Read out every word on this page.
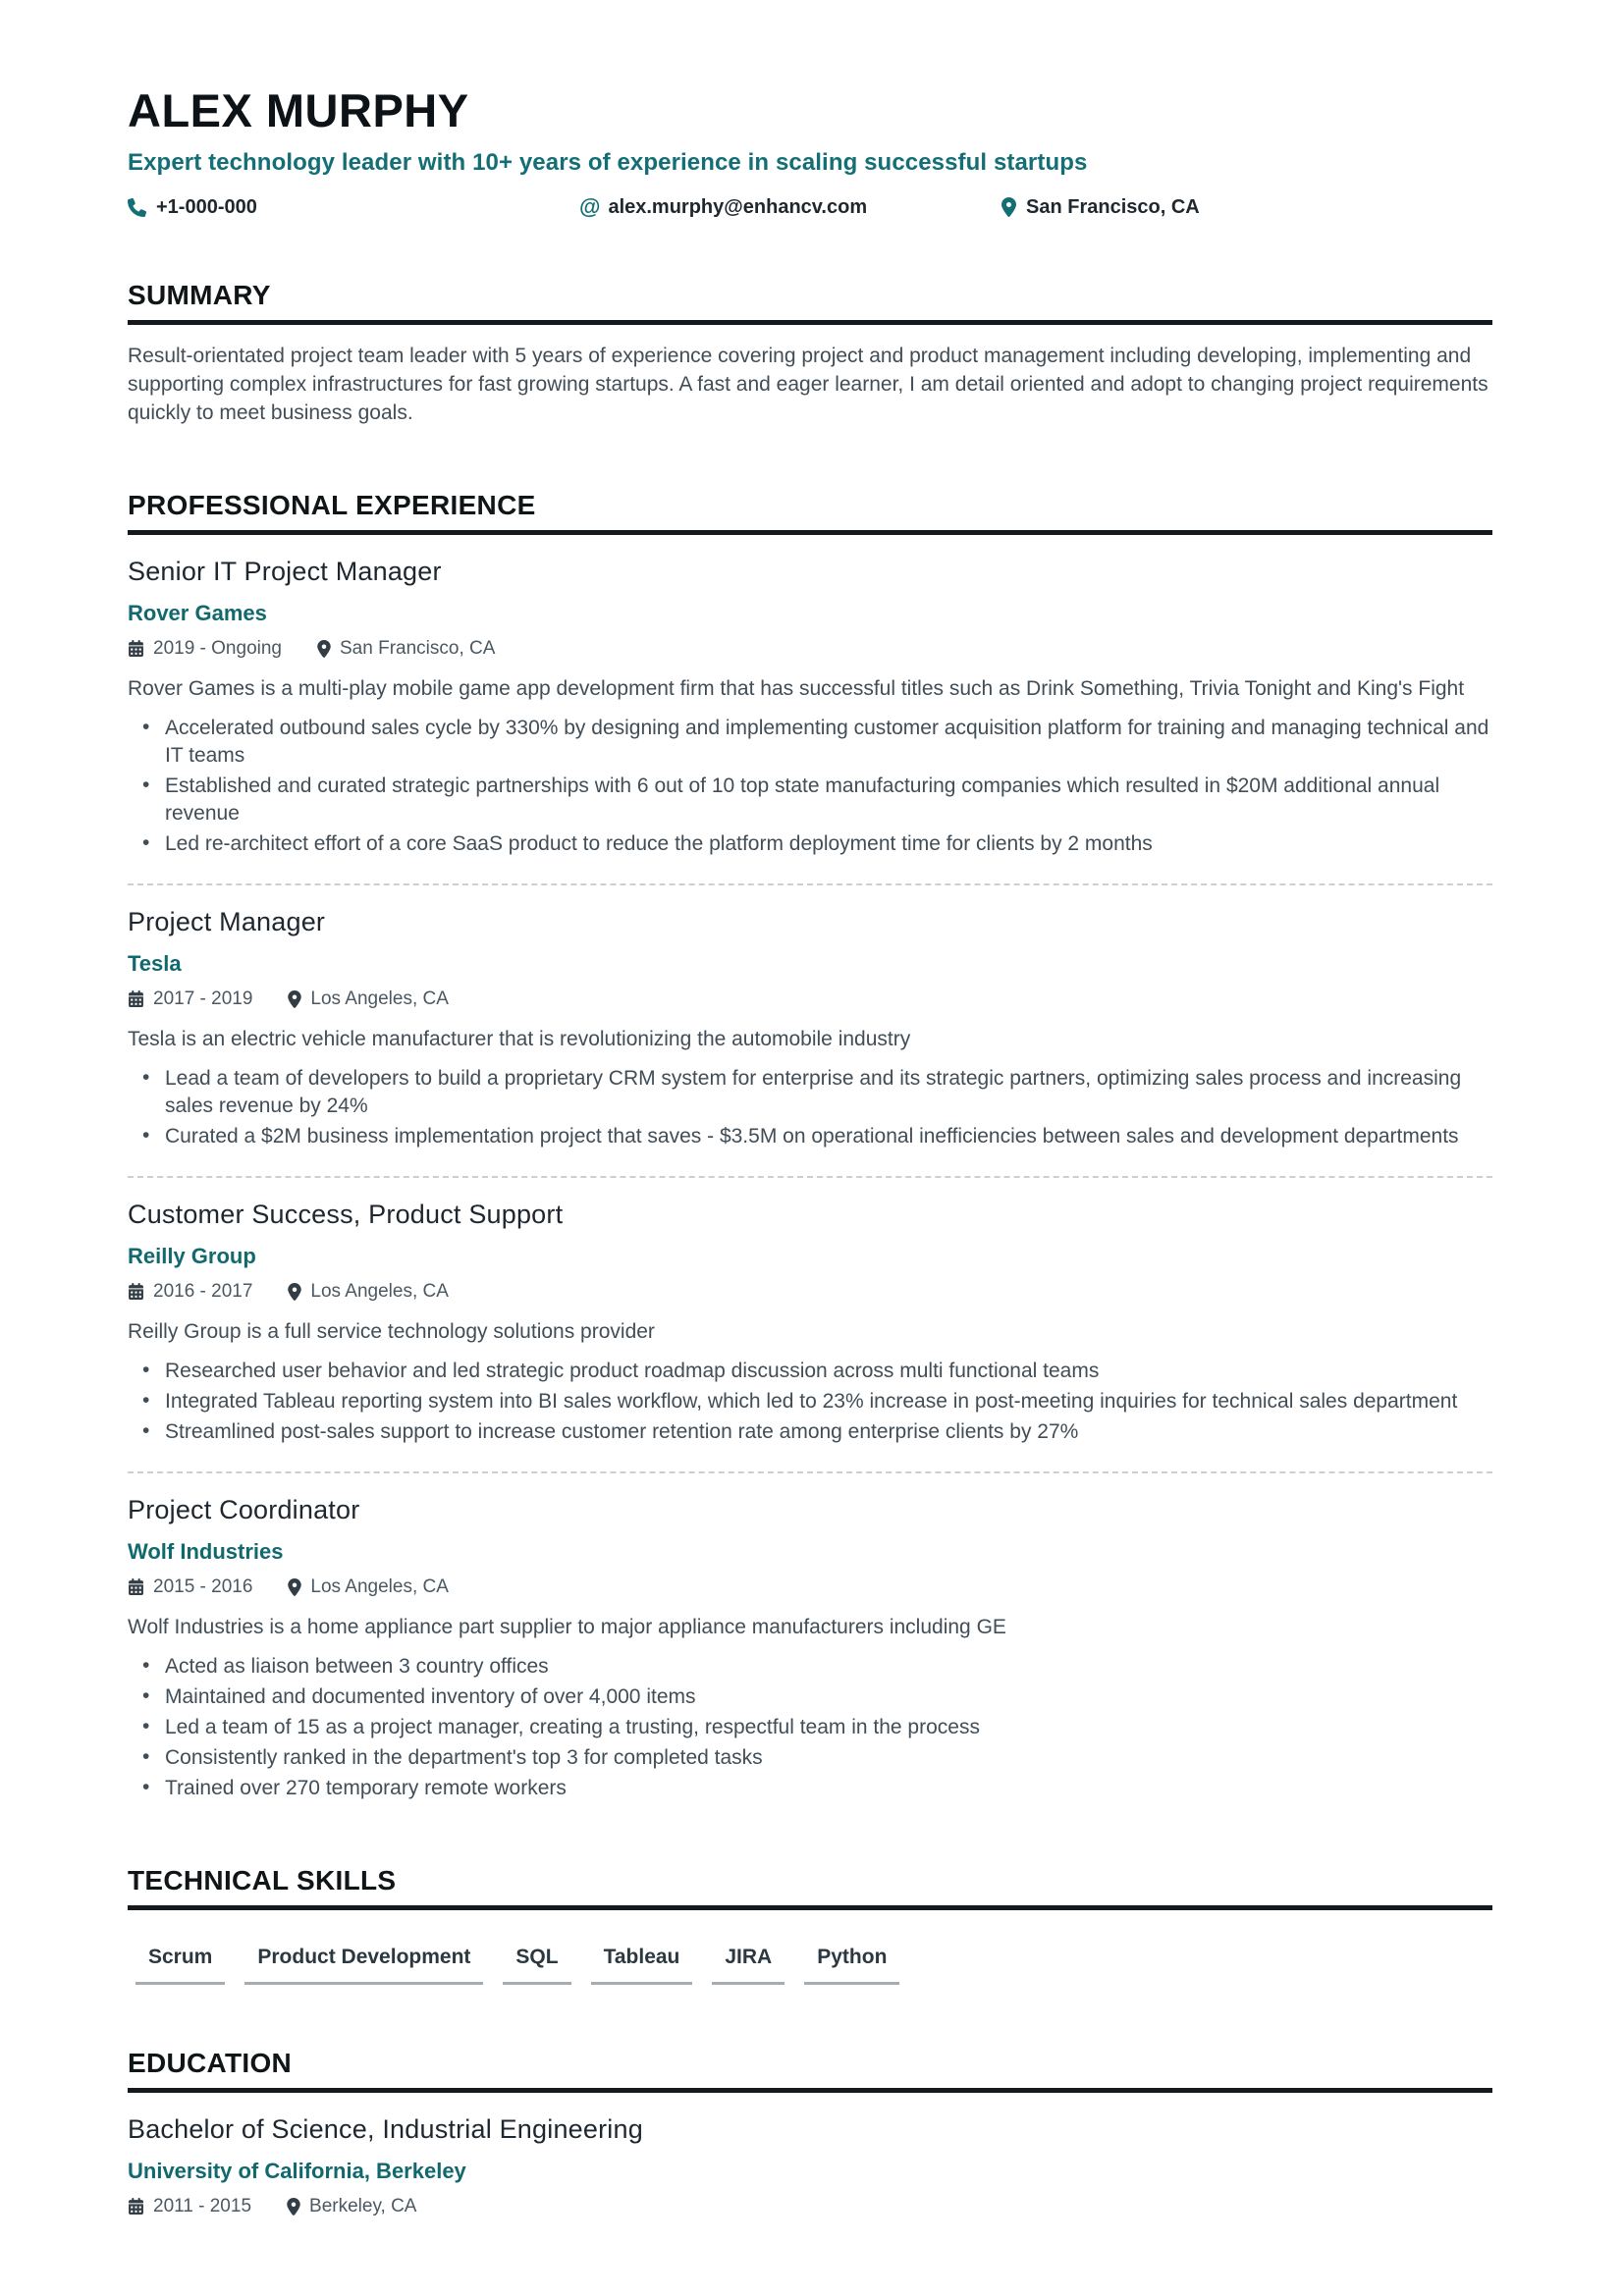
ALEX MURPHY
Expert technology leader with 10+ years of experience in scaling successful startups
+1-000-000	@ alex.murphy@enhancv.com	San Francisco, CA
SUMMARY

Result-orientated project team leader with 5 years of experience covering project and product management including developing, implementing and supporting complex infrastructures for fast growing startups. A fast and eager learner, I am detail oriented and adopt to changing project requirements quickly to meet business goals.

PROFESSIONAL EXPERIENCE
Senior IT Project Manager
Rover Games
2019 - Ongoing	San Francisco, CA

Rover Games is a multi-play mobile game app development firm that has successful titles such as Drink Something, Trivia Tonight and King's Fight

• Accelerated outbound sales cycle by 330% by designing and implementing customer acquisition platform for training and managing technical and IT teams
• Established and curated strategic partnerships with 6 out of 10 top state manufacturing companies which resulted in $20M additional annual revenue
• Led re-architect effort of a core SaaS product to reduce the platform deployment time for clients by 2 months
Project Manager
Tesla
2017 - 2019	Los Angeles, CA

Tesla is an electric vehicle manufacturer that is revolutionizing the automobile industry

• Lead a team of developers to build a proprietary CRM system for enterprise and its strategic partners, optimizing sales process and increasing sales revenue by 24%
• Curated a $2M business implementation project that saves - $3.5M on operational inefficiencies between sales and development departments
Customer Success, Product Support
Reilly Group
2016 - 2017	Los Angeles, CA

Reilly Group is a full service technology solutions provider

• Researched user behavior and led strategic product roadmap discussion across multi functional teams
• Integrated Tableau reporting system into BI sales workflow, which led to 23% increase in post-meeting inquiries for technical sales department
• Streamlined post-sales support to increase customer retention rate among enterprise clients by 27%
Project Coordinator
Wolf Industries
2015 - 2016	Los Angeles, CA

Wolf Industries is a home appliance part supplier to major appliance manufacturers including GE

• Acted as liaison between 3 country offices
• Maintained and documented inventory of over 4,000 items
• Led a team of 15 as a project manager, creating a trusting, respectful team in the process
• Consistently ranked in the department's top 3 for completed tasks
• Trained over 270 temporary remote workers
TECHNICAL SKILLS
Scrum	Product Development	SQL	Tableau	JIRA	Python
EDUCATION
Bachelor of Science, Industrial Engineering
University of California, Berkeley
2011 - 2015	Berkeley, CA
